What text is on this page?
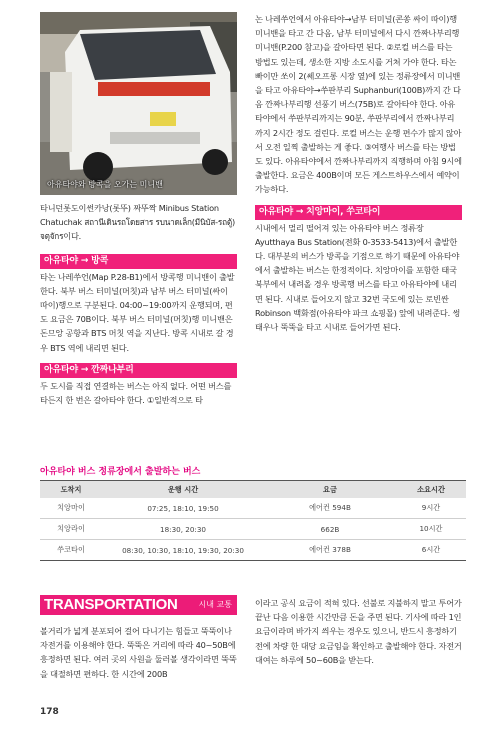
아유타야와 방콕을 오가는 미니밴

타니던롯도이썬카낭(롯뚜) 짜뚜짝 Minibus Station Chatuchak สถานีเดินรถโดยสาร รบนาดเล็ก(มีนิบัส-รถตู้) จตุจักร이다.

아유타야 → 방콕

타논 나레쑤언(Map P.28-B1)에서 방콕행 미니밴이 출발한다. 북부 버스 터미널(머칫)과 남부 버스 터미널(싸이 따이)행으로 구분된다. 04:00~19:00까지 운행되며, 편도 요금은 70B이다. 북부 버스 터미널(머칫)행 미니밴은 돈므앙 공항과 BTS 머칫 역을 지난다. 방콕 시내로 갈 경우 BTS 역에 내리면 된다.

아유타야 → 깐짜나부리

두 도시를 직접 연결하는 버스는 아직 없다. 어떤 버스를 타든지 한 번은 갈아타야 한다. ①일반적으로 타

논 나레쑤언에서 아유타야→남부 터미널(콘쏭 싸이 따이)행 미니밴을 타고 간 다음, 남부 터미널에서 다시 깐짜나부리행 미니밴(P.200 참고)을 갈아타면 된다. ②로컬 버스를 타는 방법도 있는데, 생소한 지방 소도시를 거쳐 가야 한다. 타논 빠이만 쏘이 2(쎄오프롱 시장 옆)에 있는 정류장에서 미니밴을 타고 아유타야→쑤판부리 Suphanburi(100B)까지 간 다음 깐짜나부리행 선풍기 버스(75B)로 갈아타야 한다. 아유타야에서 쑤판부리까지는 90분, 쑤판부리에서 깐짜나부리까지 2시간 정도 걸린다. 로컬 버스는 운행 편수가 많지 않아서 오전 일찍 출발하는 게 좋다. ③여행사 버스를 타는 방법도 있다. 아유타야에서 깐짜나부리까지 직행하며 아침 9시에 출발한다. 요금은 400B이며 모든 게스트하우스에서 예약이 가능하다.

아유타야 → 치앙마이, 쑤코타이

시내에서 멀리 떨어져 있는 아유타야 버스 정류장 Ayutthaya Bus Station(전화 0-3533-5413)에서 출발한다. 대부분의 버스가 방콕을 기점으로 하기 때문에 아유타야에서 출발하는 버스는 한정적이다. 치앙마이를 포함한 태국 북부에서 내려올 경우 방콕행 버스를 타고 아유타야에 내리면 된다. 시내로 들어오지 않고 32번 국도에 있는 로빈싼 Robinson 백화점(아유타야 파크 쇼핑몰) 앞에 내려준다. 썽태우나 뚝뚝을 타고 시내로 들어가면 된다.

아유타야 버스 정류장에서 출발하는 버스
도착지	운행 시간	요금	소요시간
치앙마이	07:25, 18:10, 19:50	에어컨 594B	9시간
치앙라이	18:30, 20:30	662B	10시간
쑤코타이	08:30, 10:30, 18:10, 19:30, 20:30	에어컨 378B	6시간
TRANSPORTATION	시내 교통

볼거리가 넓게 분포되어 걸어 다니기는 힘들고 뚝뚝이나 자전거를 이용해야 한다. 뚝뚝은 거리에 따라 40~50B에 흥정하면 된다. 여러 곳의 사원을 둘러볼 생각이라면 뚝뚝을 대절하면 편하다. 한 시간에 200B

이라고 공식 요금이 적혀 있다. 선불로 지불하지 말고 투어가 끝난 다음 이용한 시간만큼 돈을 주면 된다. 기사에 따라 1인 요금이라며 바가지 씌우는 경우도 있으니, 반드시 흥정하기 전에 차량 한 대당 요금임을 확인하고 출발해야 한다. 자전거 대여는 하루에 50~60B을 받는다.

178
